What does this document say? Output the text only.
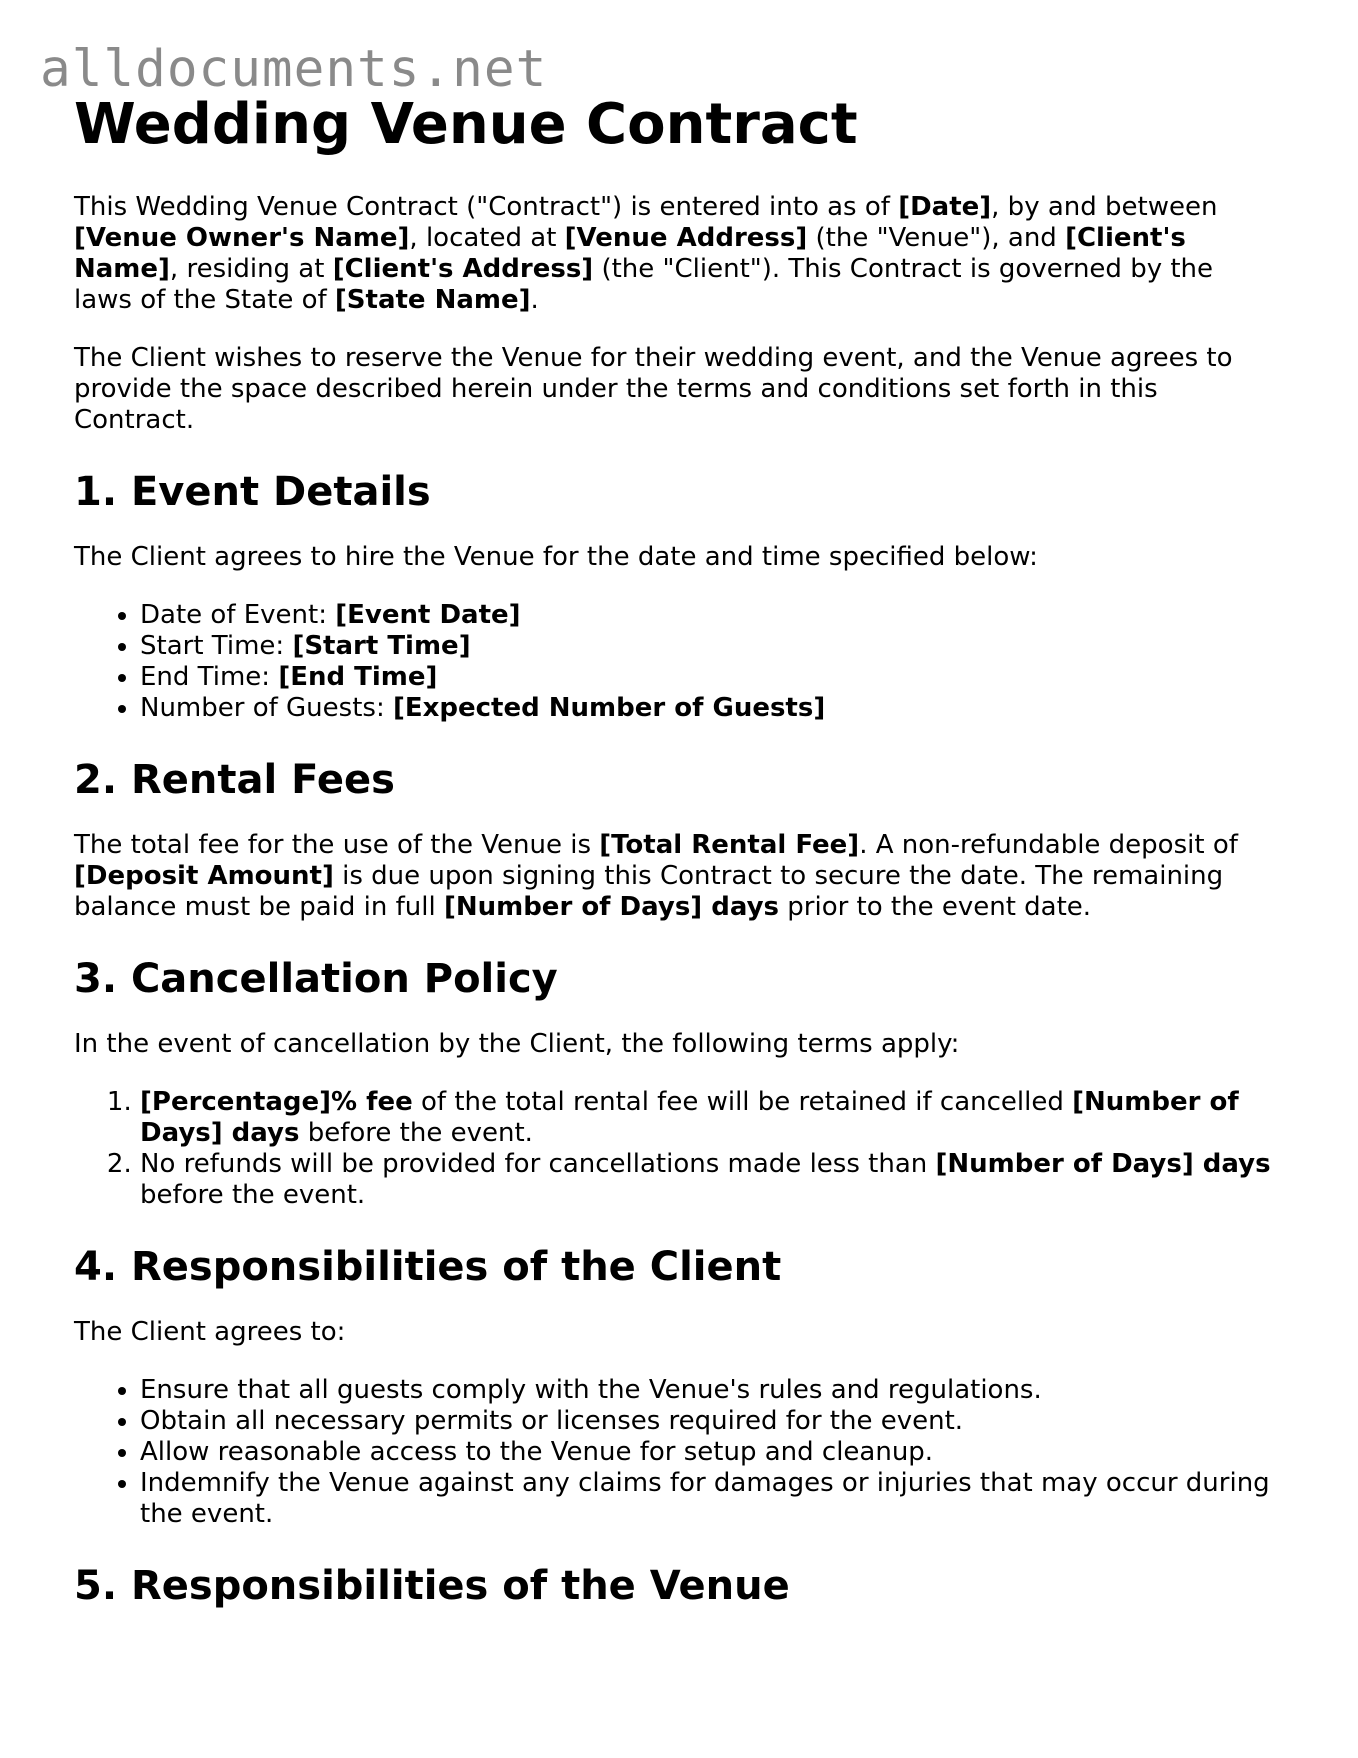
alldocuments.net
Wedding Venue Contract

This Wedding Venue Contract ("Contract") is entered into as of [Date], by and between [Venue Owner's Name], located at [Venue Address] (the "Venue"), and [Client's Name], residing at [Client's Address] (the "Client"). This Contract is governed by the laws of the State of [State Name].

The Client wishes to reserve the Venue for their wedding event, and the Venue agrees to provide the space described herein under the terms and conditions set forth in this Contract.

1. Event Details

The Client agrees to hire the Venue for the date and time specified below:

• Date of Event: [Event Date]
• Start Time: [Start Time]
• End Time: [End Time]
• Number of Guests: [Expected Number of Guests]
2. Rental Fees

The total fee for the use of the Venue is [Total Rental Fee]. A non-refundable deposit of [Deposit Amount] is due upon signing this Contract to secure the date. The remaining balance must be paid in full [Number of Days] days prior to the event date.

3. Cancellation Policy

In the event of cancellation by the Client, the following terms apply:

1. [Percentage]% fee of the total rental fee will be retained if cancelled [Number of Days] days before the event.
2. No refunds will be provided for cancellations made less than [Number of Days] days before the event.
4. Responsibilities of the Client

The Client agrees to:

• Ensure that all guests comply with the Venue's rules and regulations.
• Obtain all necessary permits or licenses required for the event.
• Allow reasonable access to the Venue for setup and cleanup.
• Indemnify the Venue against any claims for damages or injuries that may occur during the event.
5. Responsibilities of the Venue
